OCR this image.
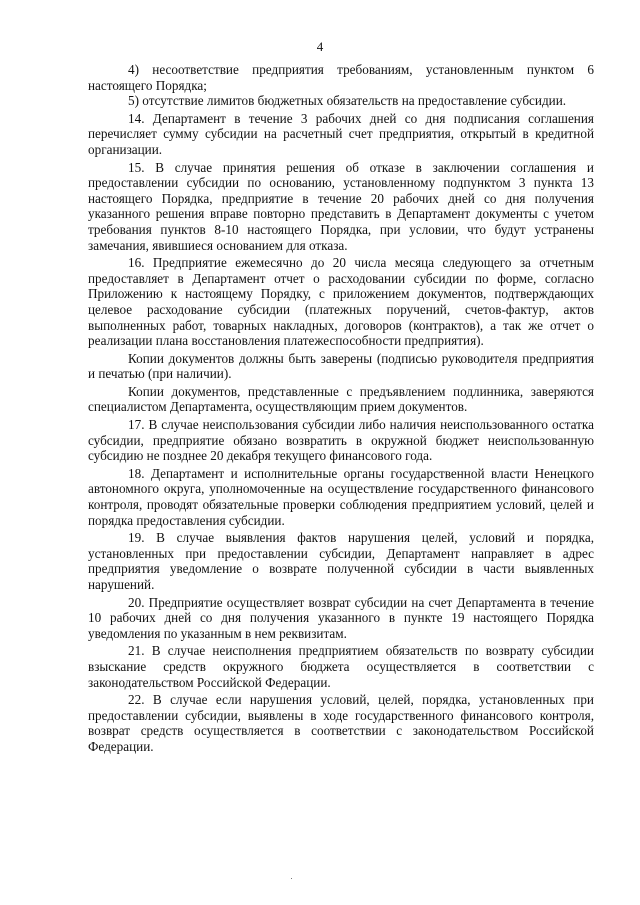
4

4) несоответствие предприятия требованиям, установленным пунктом 6 настоящего Порядка;

5) отсутствие лимитов бюджетных обязательств на предоставление субсидии.

14. Департамент в течение 3 рабочих дней со дня подписания соглашения перечисляет сумму субсидии на расчетный счет предприятия, открытый в кредитной организации.

15. В случае принятия решения об отказе в заключении соглашения и предоставлении субсидии по основанию, установленному подпунктом 3 пункта 13 настоящего Порядка, предприятие в течение 20 рабочих дней со дня получения указанного решения вправе повторно представить в Департамент документы с учетом требования пунктов 8-10 настоящего Порядка, при условии, что будут устранены замечания, явившиеся основанием для отказа.

16. Предприятие ежемесячно до 20 числа месяца следующего за отчетным предоставляет в Департамент отчет о расходовании субсидии по форме, согласно Приложению к настоящему Порядку, с приложением документов, подтверждающих целевое расходование субсидии (платежных поручений, счетов-фактур, актов выполненных работ, товарных накладных, договоров (контрактов), а так же отчет о реализации плана восстановления платежеспособности предприятия).

Копии документов должны быть заверены (подписью руководителя предприятия и печатью (при наличии).

Копии документов, представленные с предъявлением подлинника, заверяются специалистом Департамента, осуществляющим прием документов.

17. В случае неиспользования субсидии либо наличия неиспользованного остатка субсидии, предприятие обязано возвратить в окружной бюджет неиспользованную субсидию не позднее 20 декабря текущего финансового года.

18. Департамент и исполнительные органы государственной власти Ненецкого автономного округа, уполномоченные на осуществление государственного финансового контроля, проводят обязательные проверки соблюдения предприятием условий, целей и порядка предоставления субсидии.

19. В случае выявления фактов нарушения целей, условий и порядка, установленных при предоставлении субсидии, Департамент направляет в адрес предприятия уведомление о возврате полученной субсидии в части выявленных нарушений.

20. Предприятие осуществляет возврат субсидии на счет Департамента в течение 10 рабочих дней со дня получения указанного в пункте 19 настоящего Порядка уведомления по указанным в нем реквизитам.

21. В случае неисполнения предприятием обязательств по возврату субсидии взыскание средств окружного бюджета осуществляется в соответствии с законодательством Российской Федерации.

22. В случае если нарушения условий, целей, порядка, установленных при предоставлении субсидии, выявлены в ходе государственного финансового контроля, возврат средств осуществляется в соответствии с законодательством Российской Федерации.
